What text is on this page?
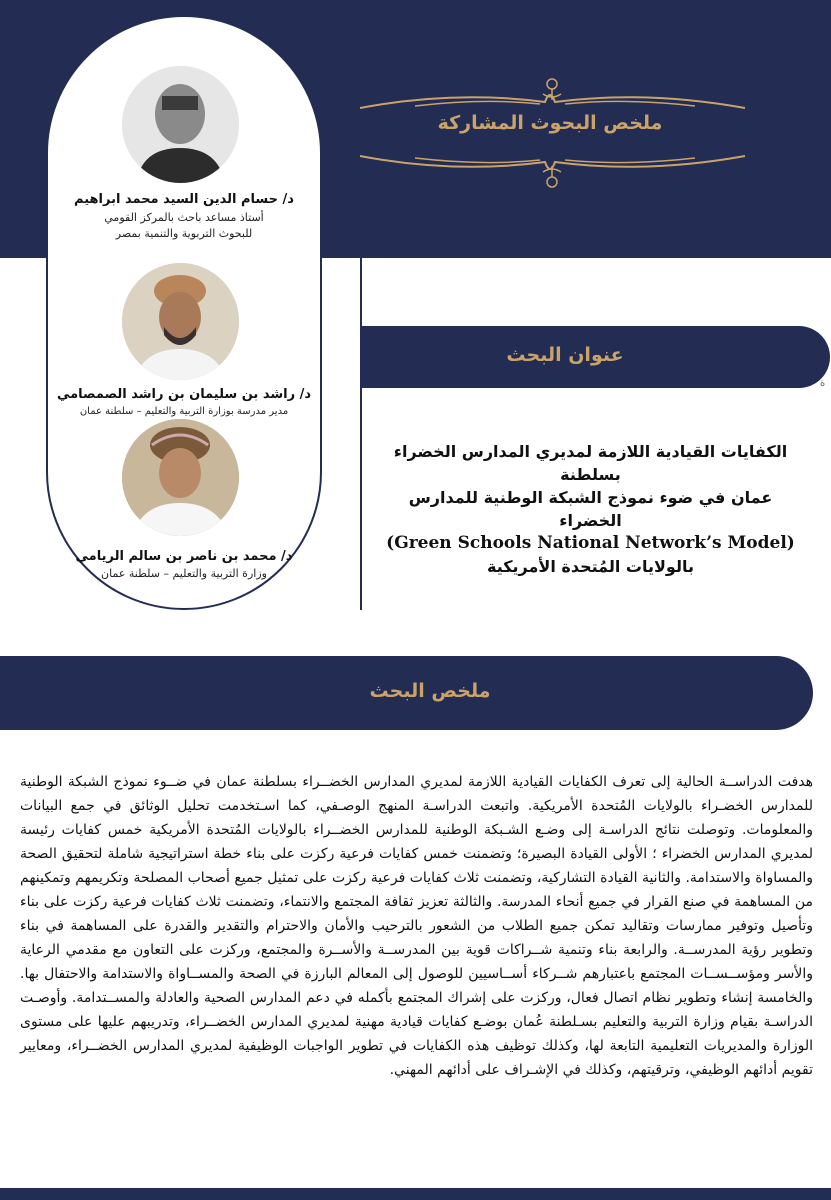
ملخص البحوث المشاركة
د/ حسام الدين السيد محمد ابراهيم
أستاذ مساعد باحث بالمركز القومي
للبحوث التربوية والتنمية بمصر
د/ راشد بن سليمان بن راشد الصمصامي
مدير مدرسة بوزارة التربية والتعليم – سلطنة عمان
د/ محمد بن ناصر بن سالم الريامي
وزارة التربية والتعليم – سلطنة عمان
عنوان البحث
ة
الكفايات القيادية اللازمة لمديري المدارس الخضراء بسلطنة
عمان في ضوء نموذج الشبكة الوطنية للمدارس الخضراء
(Green Schools National Network’s Model)
بالولايات المُتحدة الأمريكية
ملخص البحث
هدفت الدراســة الحالية إلى تعرف الكفايات القيادية اللازمة لمديري المدارس الخضــراء بسلطنة عمان في ضــوء نموذج الشبكة الوطنية للمدارس الخضـراء بالولايات المُتحدة الأمريكية. واتبعت الدراسـة المنهج الوصـفي، كما اسـتخدمت تحليل الوثائق في جمع البيانات والمعلومات. وتوصلت نتائج الدراسـة إلى وضـع الشـبكة الوطنية للمدارس الخضــراء بالولايات المُتحدة الأمريكية خمس كفايات رئيسة لمديري المدارس الخضراء ؛ الأولى القيادة البصيرة؛ وتضمنت خمس كفايات فرعية ركزت على بناء خطة استراتيجية شاملة لتحقيق الصحة والمساواة والاستدامة. والثانية القيادة التشاركية، وتضمنت ثلاث كفايات فرعية ركزت على تمثيل جميع أصحاب المصلحة وتكريمهم وتمكينهم من المساهمة في صنع القرار في جميع أنحاء المدرسة. والثالثة تعزيز ثقافة المجتمع والانتماء، وتضمنت ثلاث كفايات فرعية ركزت على بناء وتأصيل وتوفير ممارسات وتقاليد تمكن جميع الطلاب من الشعور بالترحيب والأمان والاحترام والتقدير والقدرة على المساهمة في بناء وتطوير رؤية المدرســة. والرابعة بناء وتنمية شــراكات قوية بين المدرســة والأســرة والمجتمع، وركزت على التعاون مع مقدمي الرعاية والأسر ومؤســســات المجتمع باعتبارهم شــركاء أســاسيين للوصول إلى المعالم البارزة في الصحة والمســاواة والاستدامة والاحتفال بها. والخامسة إنشاء وتطوير نظام اتصال فعال، وركزت على إشراك المجتمع بأكمله في دعم المدارس الصحية والعادلة والمســتدامة. وأوصـت الدراسـة بقيام وزارة التربية والتعليم بسـلطنة عُمان بوضـع كفايات قيادية مهنية لمديري المدارس الخضــراء، وتدريبهم عليها على مستوى الوزارة والمديريات التعليمية التابعة لها، وكذلك توظيف هذه الكفايات في تطوير الواجبات الوظيفية لمديري المدارس الخضــراء، ومعايير تقويم أدائهم الوظيفي، وترقيتهم، وكذلك في الإشـراف على أدائهم المهني.
